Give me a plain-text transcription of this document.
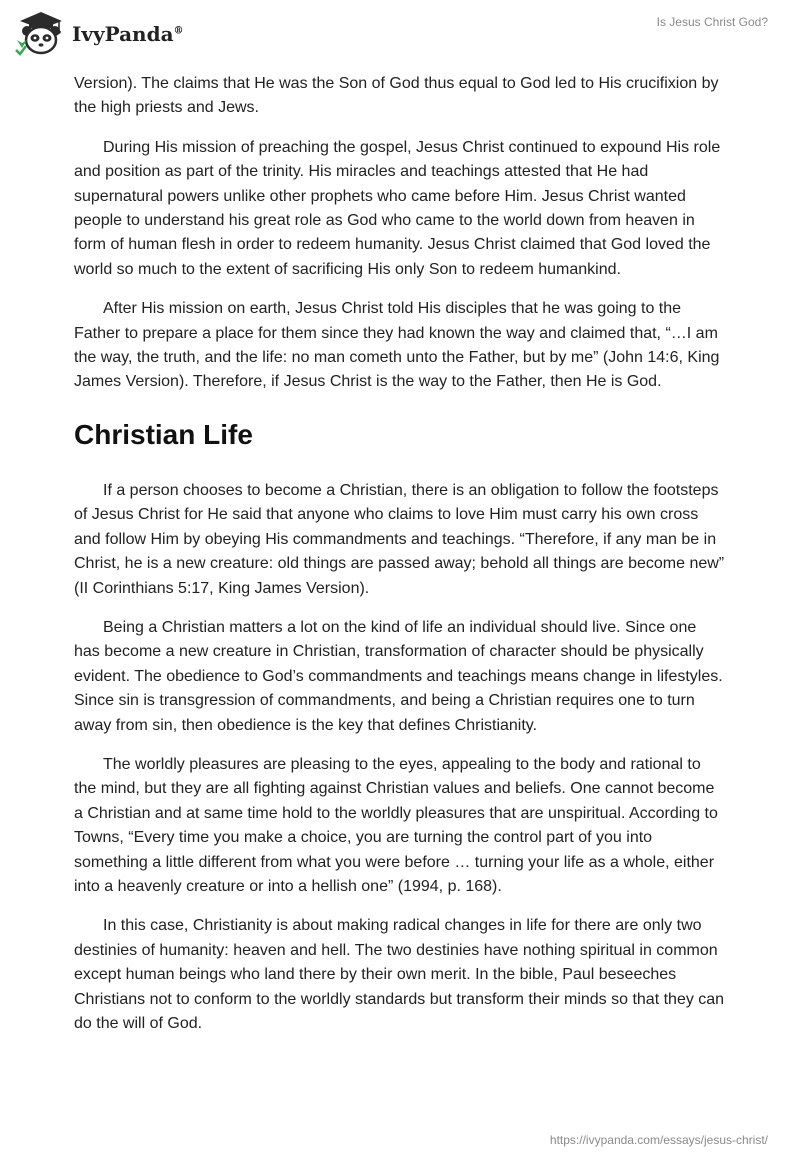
IvyPanda®
Is Jesus Christ God?

Version). The claims that He was the Son of God thus equal to God led to His crucifixion by the high priests and Jews.

During His mission of preaching the gospel, Jesus Christ continued to expound His role and position as part of the trinity. His miracles and teachings attested that He had supernatural powers unlike other prophets who came before Him. Jesus Christ wanted people to understand his great role as God who came to the world down from heaven in form of human flesh in order to redeem humanity. Jesus Christ claimed that God loved the world so much to the extent of sacrificing His only Son to redeem humankind.

After His mission on earth, Jesus Christ told His disciples that he was going to the Father to prepare a place for them since they had known the way and claimed that, “…I am the way, the truth, and the life: no man cometh unto the Father, but by me” (John 14:6, King James Version). Therefore, if Jesus Christ is the way to the Father, then He is God.

Christian Life

If a person chooses to become a Christian, there is an obligation to follow the footsteps of Jesus Christ for He said that anyone who claims to love Him must carry his own cross and follow Him by obeying His commandments and teachings. “Therefore, if any man be in Christ, he is a new creature: old things are passed away; behold all things are become new” (II Corinthians 5:17, King James Version).

Being a Christian matters a lot on the kind of life an individual should live. Since one has become a new creature in Christian, transformation of character should be physically evident. The obedience to God’s commandments and teachings means change in lifestyles. Since sin is transgression of commandments, and being a Christian requires one to turn away from sin, then obedience is the key that defines Christianity.

The worldly pleasures are pleasing to the eyes, appealing to the body and rational to the mind, but they are all fighting against Christian values and beliefs. One cannot become a Christian and at same time hold to the worldly pleasures that are unspiritual. According to Towns, “Every time you make a choice, you are turning the control part of you into something a little different from what you were before … turning your life as a whole, either into a heavenly creature or into a hellish one” (1994, p. 168).

In this case, Christianity is about making radical changes in life for there are only two destinies of humanity: heaven and hell. The two destinies have nothing spiritual in common except human beings who land there by their own merit. In the bible, Paul beseeches Christians not to conform to the worldly standards but transform their minds so that they can do the will of God.

https://ivypanda.com/essays/jesus-christ/
